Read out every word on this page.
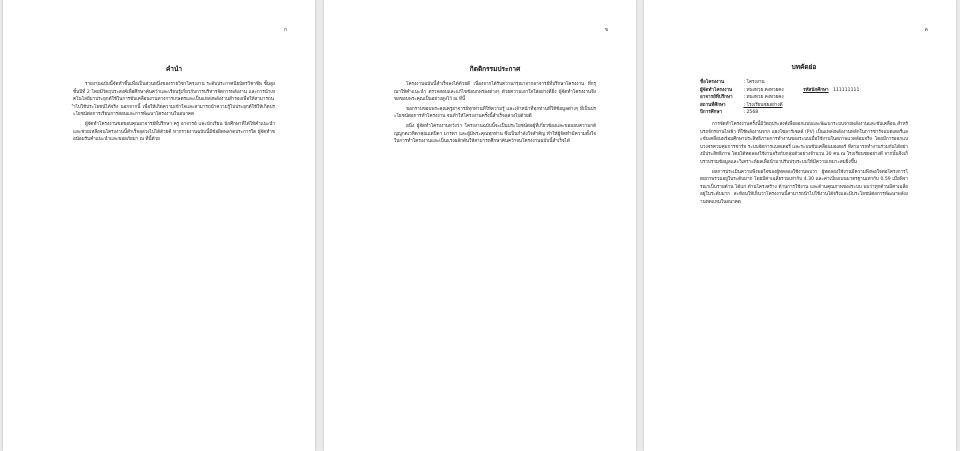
ก
คำนำ

รายงานฉบับนี้จัดทำขึ้นเพื่อเป็นส่วนหนึ่งของรายวิชาโครงงาน ระดับประกาศนียบัตรวิชาชีพ ชั้นสูง ชั้นปีที่ 2 โดยมีวัตถุประสงค์เพื่อศึกษาค้นคว้าและเรียนรู้เกี่ยวกับการบริหารจัดการพลังงาน และการนำเทคโนโลยีมาประยุกต์ใช้ในการขับเคลื่อนงานทางการเกษตรและเป็นแหล่งพลังงานสำรองเพื่อให้สามารถนำไปใช้ประโยชน์ได้จริง นอกจากนี้ เพื่อให้เกิดความเข้าใจและสามารถนำความรู้ไปประยุกต์ใช้ให้เกิดประโยชน์ต่อการเรียนการสอนและการพัฒนาโครงงานในอนาคต

ผู้จัดทำโครงงานขอขอบคุณอาจารย์ที่ปรึกษา ครู อาจารย์ และนักเรียน นักศึกษาที่ได้ให้คำแนะนำและช่วยเหลือจนโครงงานนี้สำเร็จลุล่วงไปได้ด้วยดี หากรายงานฉบับนี้มีข้อผิดพลาดประการใด ผู้จัดทำขอน้อมรับคำแนะนำและขออภัยมา ณ ที่นี้ด้วย

ข
กิตติกรรมประกาศ

โครงงานฉบับนี้สำเร็จลงได้ด้วยดี เนื่องจากได้รับความกรุณาจากอาจารย์ที่ปรึกษาโครงงาน ที่กรุณาให้คำแนะนำ ตรวจสอบและแก้ไขข้อบกพร่องต่างๆ ด้วยความเอาใจใส่อย่างดียิ่ง ผู้จัดทำโครงงานจึงขอขอบพระคุณเป็นอย่างสูงไว้ ณ ที่นี้

ขอกราบขอบพระคุณครูอาจารย์ทุกท่านที่ให้ความรู้ และเจ้าหน้าที่ทุกท่านที่ให้ข้อมูลต่างๆ ที่เป็นประโยชน์ต่อการทำโครงงาน จนทำให้โครงงานครั้งนี้สำเร็จลุล่วงไปด้วยดี

อนึ่ง ผู้จัดทำโครงงานหวังว่า โครงงานฉบับนี้จะเป็นประโยชน์ต่อผู้ที่เกี่ยวข้องและขอมอบความกตัญญูกตเวทิตาคุณแด่บิดา มารดา และผู้มีพระคุณทุกท่าน ซึ่งเป็นกำลังใจสำคัญ ทำให้ผู้จัดทำมีความตั้งใจในการทำโครงงานและเป็นแรงผลักดันให้สามารถศึกษาค้นคว้าจนโครงงานฉบับนี้สำเร็จได้

ค
บทคัดย่อ
ชื่อโครงงาน	: โครงงาน
ผู้จัดทำโครงงาน : ทนงทวย คงทวยคง	รหัสนักศึกษา 111111111
อาจารย์ที่ปรึกษา : ทนงทวย คงทวยคง
สถานที่ศึกษา	: โรงเรียนชยอย่างดี
ปีการศึกษา	: 2568

การจัดทำโครงงานครั้งนี้มีวัตถุประสงค์เพื่อออกแบบและพัฒนาระบบจ่ายพลังงานและขับเคลื่อน สำหรับรถจักรยานไฟฟ้า ที่ใช้พลังงานจาก แผงโซลาร์เซลล์ (PV) เป็นแหล่งพลังงานหลักในการชาร์จแบตเตอรี่และขับเคลื่อนพร้อมศึกษาประสิทธิภาพการทำงานของระบบเมื่อใช้งานในสภาพแวดล้อมจริง โดยมีการออกแบบวงจรควบคุมการชาร์จ ระบบจัดการแบตเตอรี่ และระบบขับเคลื่อนมอเตอร์ ที่สามารถทำงานร่วมกันได้อย่างมีประสิทธิภาพ โดยได้ทดลองใช้งานจริงกับกลุ่มตัวอย่างจำนวน 30 คน ณ โรงเรียนชยอย่างดี จากนั้นจึงเก็บรวบรวมข้อมูลและวิเคราะห์ผลเพื่อนำมาปรับปรุงระบบให้มีความเหมาะสมยิ่งขึ้น

ผลการประเมินความพึงพอใจของผู้ทดลองใช้งานพบว่า ผู้ทดลองใช้งานมีความพึงพอใจต่อโครงการโดยภาพรวมอยู่ในระดับมาก โดยมีค่าเฉลี่ยรวมเท่ากับ 4.30 และค่าเบี่ยงเบนมาตรฐานเท่ากับ 0.59 เมื่อพิจารณาเป็นรายด้าน ได้แก่ ด้านโครงสร้าง ด้านการใช้งาน และด้านคุณภาพของระบบ พบว่าทุกด้านมีค่าเฉลี่ยอยู่ในระดับมาก สะท้อนให้เห็นว่าโครงงานนี้สามารถนำไปใช้งานได้จริงและมีประโยชน์ต่อการพัฒนาพลังงานทดแทนในอนาคต
